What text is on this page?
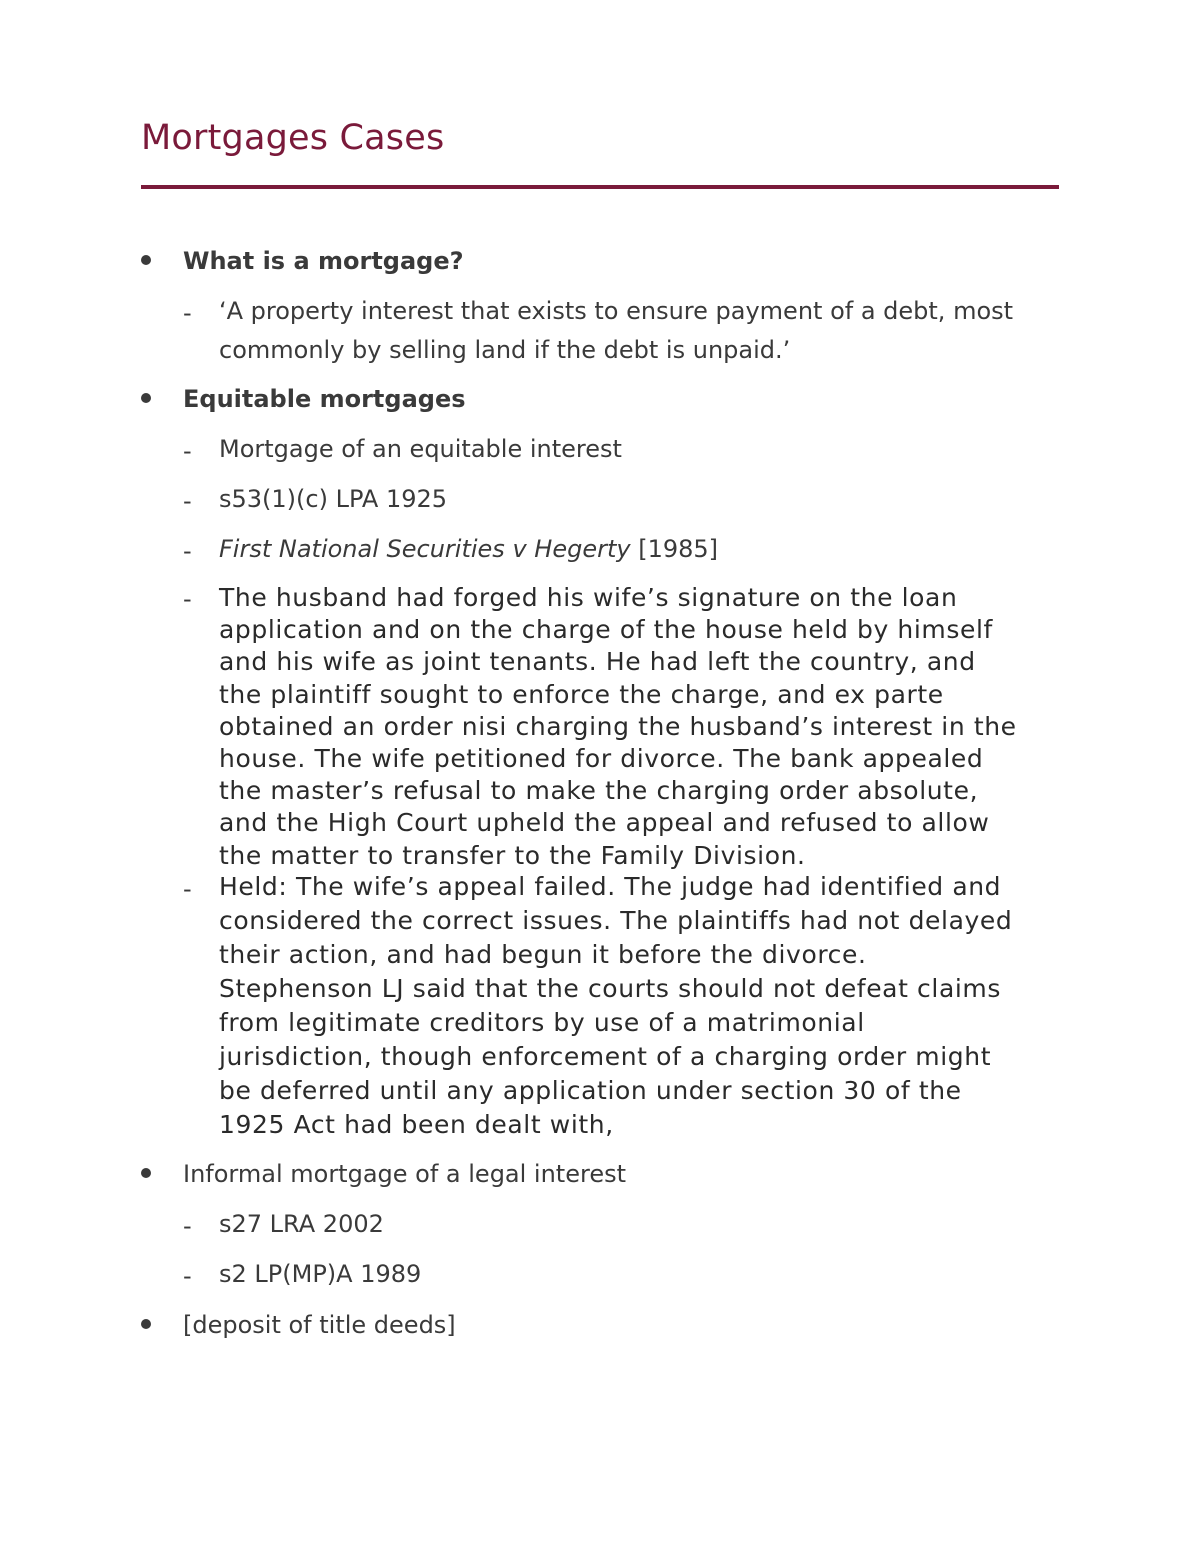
Mortgages Cases
What is a mortgage?
- ‘A property interest that exists to ensure payment of a debt, most
commonly by selling land if the debt is unpaid.’
Equitable mortgages
- Mortgage of an equitable interest
- s53(1)(c) LPA 1925
- First National Securities v Hegerty [1985]
- The husband had forged his wife’s signature on the loan
application and on the charge of the house held by himself
and his wife as joint tenants. He had left the country, and
the plaintiff sought to enforce the charge, and ex parte
obtained an order nisi charging the husband’s interest in the
house. The wife petitioned for divorce. The bank appealed
the master’s refusal to make the charging order absolute,
and the High Court upheld the appeal and refused to allow
the matter to transfer to the Family Division.
- Held: The wife’s appeal failed. The judge had identified and
considered the correct issues. The plaintiffs had not delayed
their action, and had begun it before the divorce.
Stephenson LJ said that the courts should not defeat claims
from legitimate creditors by use of a matrimonial
jurisdiction, though enforcement of a charging order might
be deferred until any application under section 30 of the
1925 Act had been dealt with,
Informal mortgage of a legal interest
- s27 LRA 2002
- s2 LP(MP)A 1989
[deposit of title deeds]
